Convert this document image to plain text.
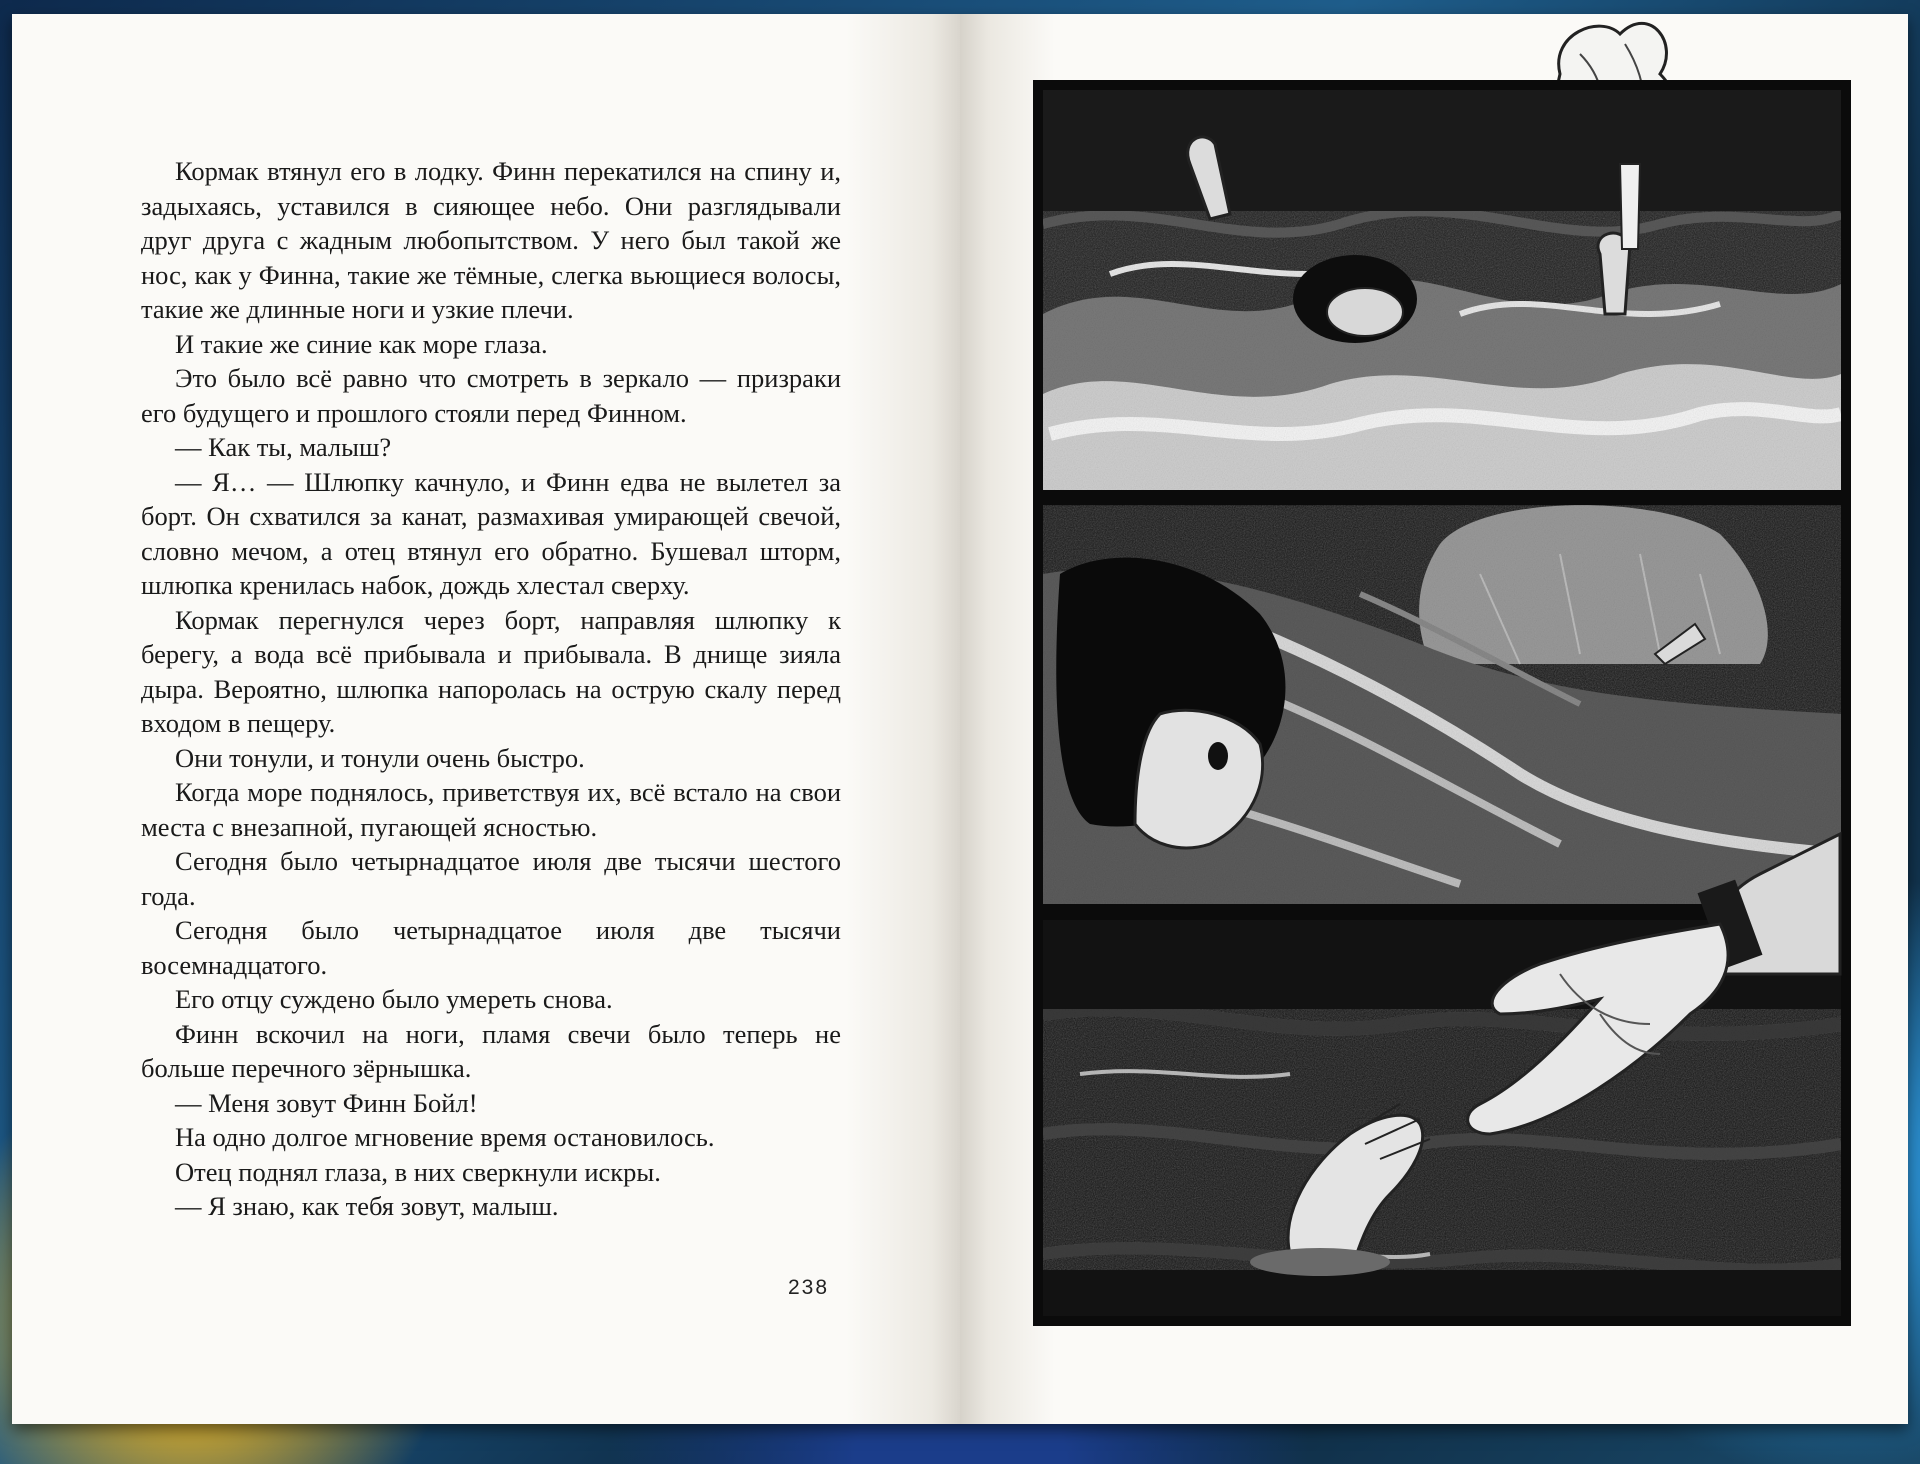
Кормак втянул его в лодку. Финн перекатился на спину и, задыхаясь, уставился в сияющее небо. Они разглядывали друг друга с жадным любопытством. У него был такой же нос, как у Финна, такие же тёмные, слегка вьющиеся волосы, такие же длинные ноги и узкие плечи.

И такие же синие как море глаза.

Это было всё равно что смотреть в зеркало — призраки его будущего и прошлого стояли перед Финном.

— Как ты, малыш?

— Я… — Шлюпку качнуло, и Финн едва не вылетел за борт. Он схватился за канат, размахивая умирающей свечой, словно мечом, а отец втянул его обратно. Бушевал шторм, шлюпка кренилась набок, дождь хлестал сверху.

Кормак перегнулся через борт, направляя шлюпку к берегу, а вода всё прибывала и прибывала. В днище зияла дыра. Вероятно, шлюпка напоролась на острую скалу перед входом в пещеру.

Они тонули, и тонули очень быстро.

Когда море поднялось, приветствуя их, всё встало на свои места с внезапной, пугающей ясностью.

Сегодня было четырнадцатое июля две тысячи шестого года.

Сегодня было четырнадцатое июля две тысячи восемнадцатого.

Его отцу суждено было умереть снова.

Финн вскочил на ноги, пламя свечи было теперь не больше перечного зёрнышка.

— Меня зовут Финн Бойл!

На одно долгое мгновение время остановилось.

Отец поднял глаза, в них сверкнули искры.

— Я знаю, как тебя зовут, малыш.

238
